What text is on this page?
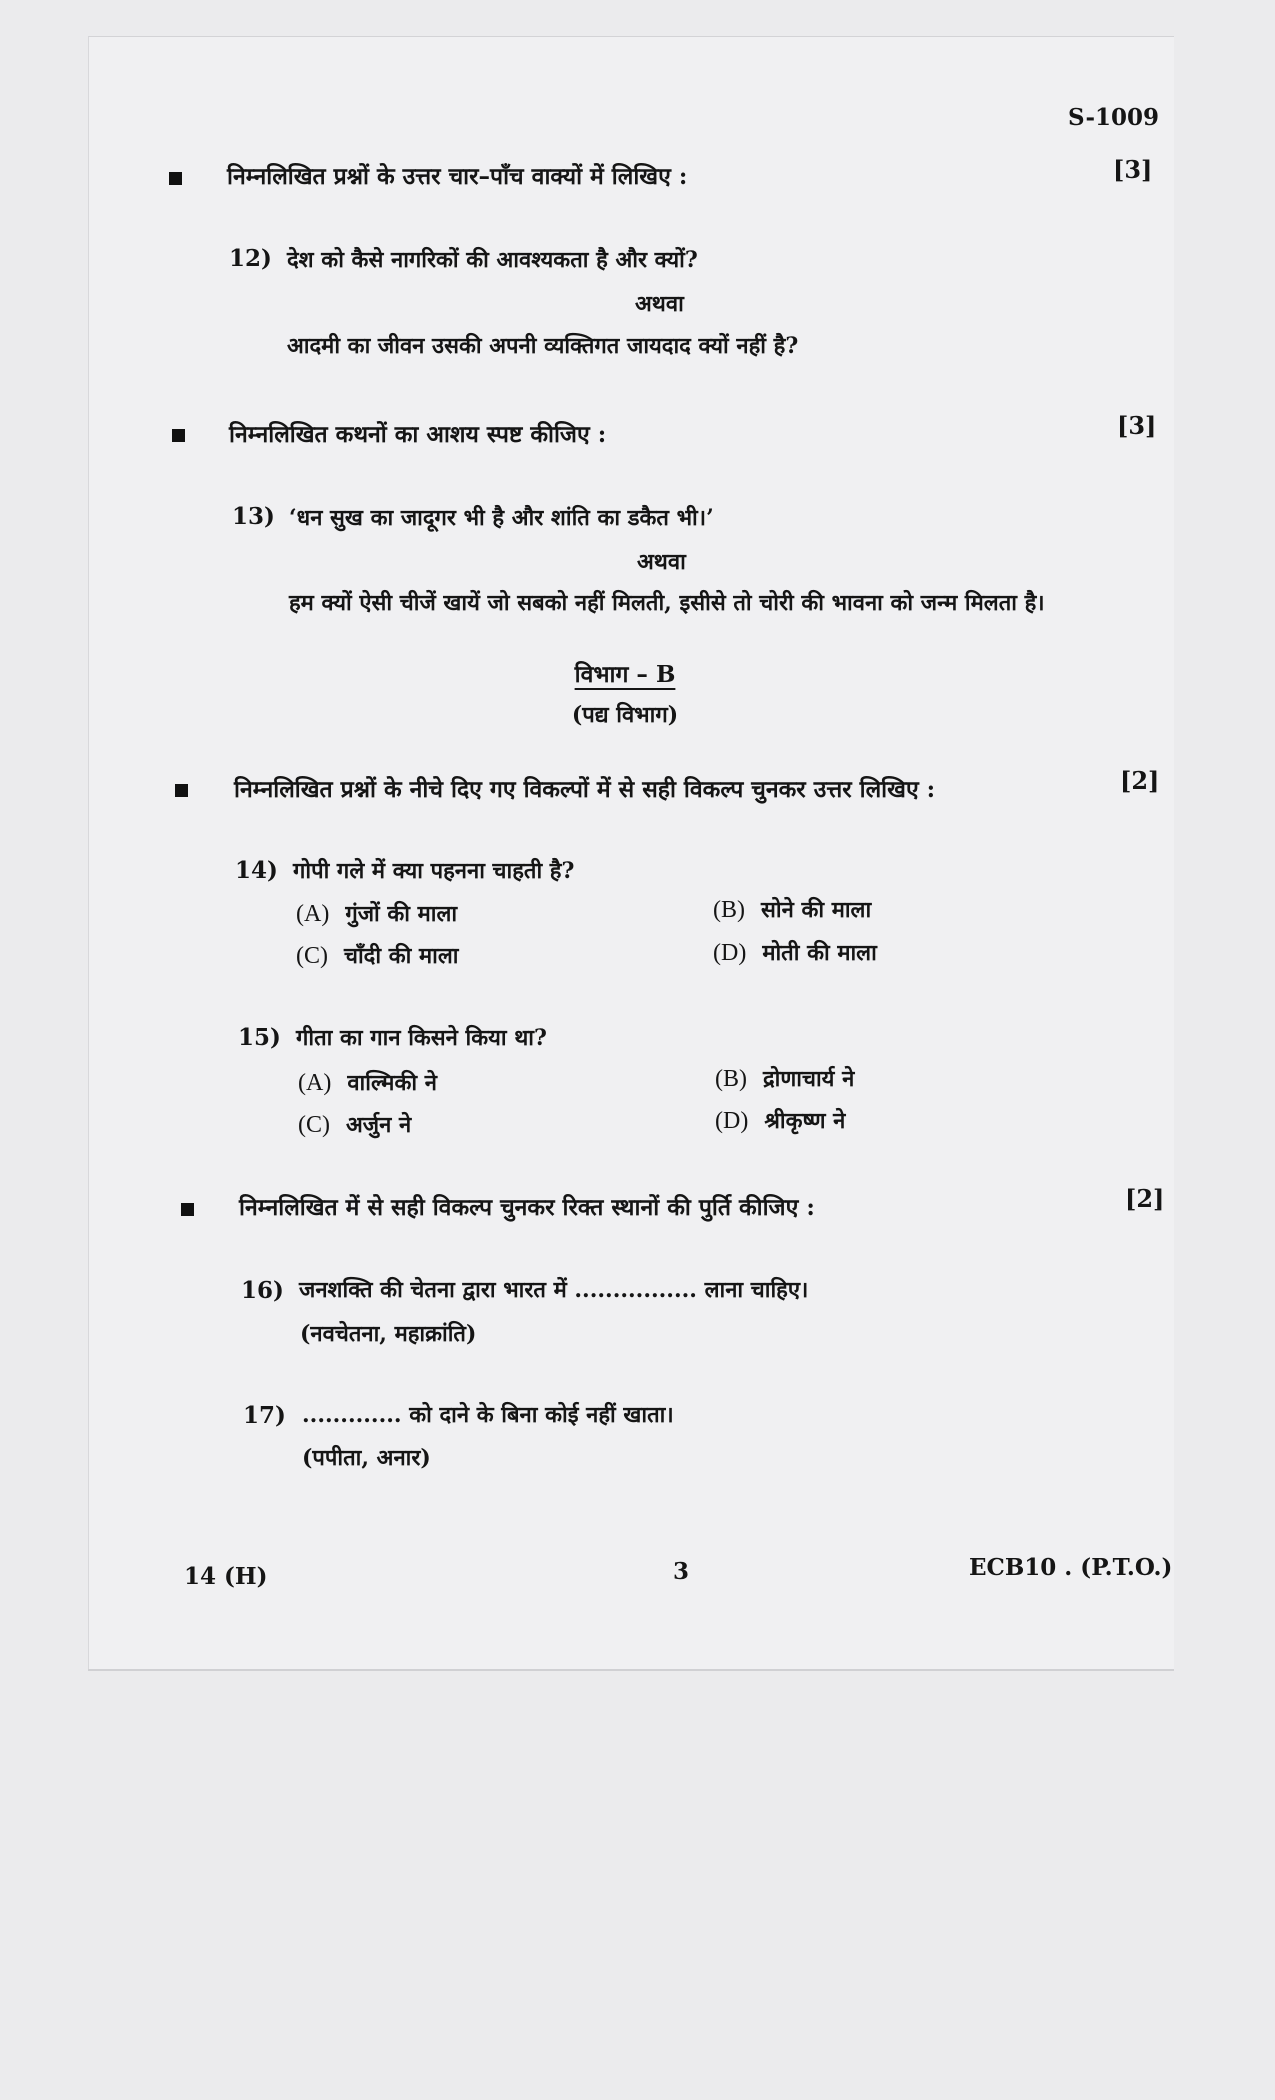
S-1009
निम्नलिखित प्रश्नों के उत्तर चार–पाँच वाक्यों में लिखिए :	[3]
12) देश को कैसे नागरिकों की आवश्यकता है और क्यों?
अथवा
आदमी का जीवन उसकी अपनी व्यक्तिगत जायदाद क्यों नहीं है?
निम्नलिखित कथनों का आशय स्पष्ट कीजिए :	[3]
13) ‘धन सुख का जादूगर भी है और शांति का डकैत भी।’
अथवा
हम क्यों ऐसी चीजें खायें जो सबको नहीं मिलती, इसीसे तो चोरी की भावना को जन्म मिलता है।
विभाग – B
(पद्य विभाग)
निम्नलिखित प्रश्नों के नीचे दिए गए विकल्पों में से सही विकल्प चुनकर उत्तर लिखिए :	[2]
14) गोपी गले में क्या पहनना चाहती है?
(A) गुंजों की माला	(B) सोने की माला
(C) चाँदी की माला	(D) मोती की माला
15) गीता का गान किसने किया था?
(A) वाल्मिकी ने	(B) द्रोणाचार्य ने
(C) अर्जुन ने	(D) श्रीकृष्ण ने
निम्नलिखित में से सही विकल्प चुनकर रिक्त स्थानों की पुर्ति कीजिए :	[2]
16) जनशक्ति की चेतना द्वारा भारत में ................ लाना चाहिए।
(नवचेतना, महाक्रांति)
17) ............. को दाने के बिना कोई नहीं खाता।
(पपीता, अनार)
14 (H)	3	ECB10 . (P.T.O.)
